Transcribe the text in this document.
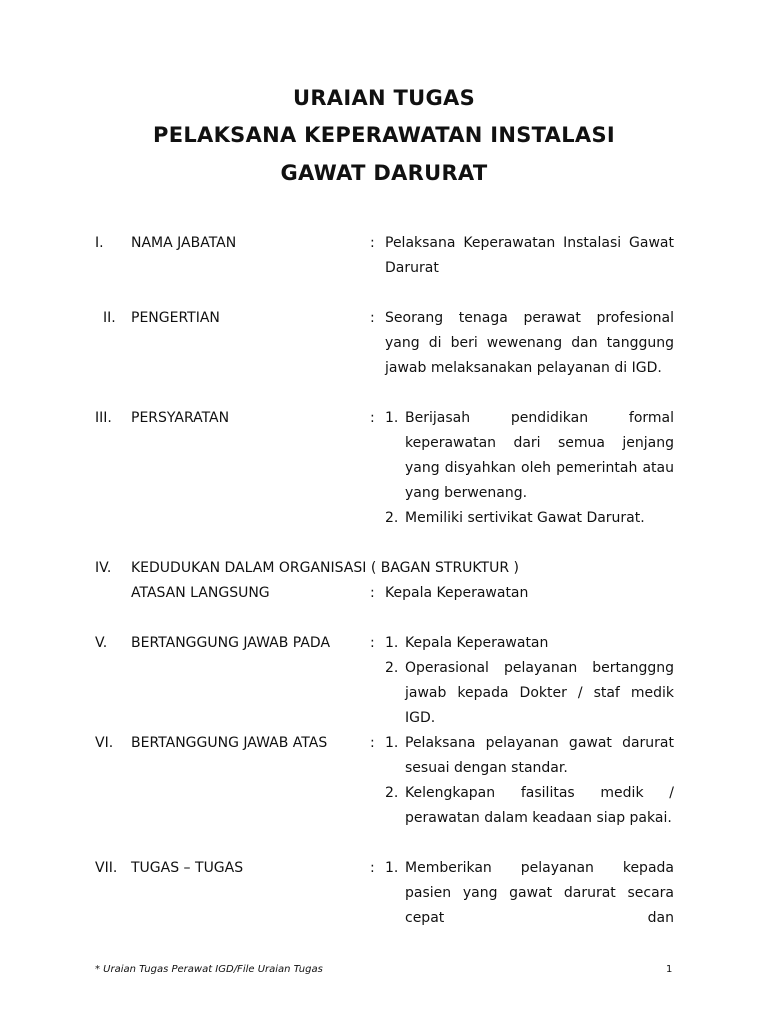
URAIAN TUGAS
PELAKSANA KEPERAWATAN INSTALASI
GAWAT DARURAT
I.	NAMA JABATAN	: Pelaksana Keperawatan Instalasi Gawat Darurat
II.	PENGERTIAN	: Seorang tenaga perawat profesional yang di beri wewenang dan tanggung jawab melaksanakan pelayanan di IGD.
III.	PERSYARATAN	: 1. Berijasah pendidikan formal keperawatan dari semua jenjang yang disyahkan oleh pemerintah atau yang berwenang.
2. Memiliki sertivikat Gawat Darurat.
IV.	KEDUDUKAN DALAM ORGANISASI ( BAGAN STRUKTUR )
ATASAN LANGSUNG	: Kepala Keperawatan
V.	BERTANGGUNG JAWAB PADA	: 1. Kepala Keperawatan
2. Operasional pelayanan bertanggng jawab kepada Dokter / staf medik IGD.
VI.	BERTANGGUNG JAWAB ATAS	: 1. Pelaksana pelayanan gawat darurat sesuai dengan standar.
2. Kelengkapan fasilitas medik / perawatan dalam keadaan siap pakai.
VII. TUGAS – TUGAS	: 1. Memberikan pelayanan kepada pasien yang gawat darurat secara cepat dan
* Uraian Tugas Perawat IGD/File Uraian Tugas	1
